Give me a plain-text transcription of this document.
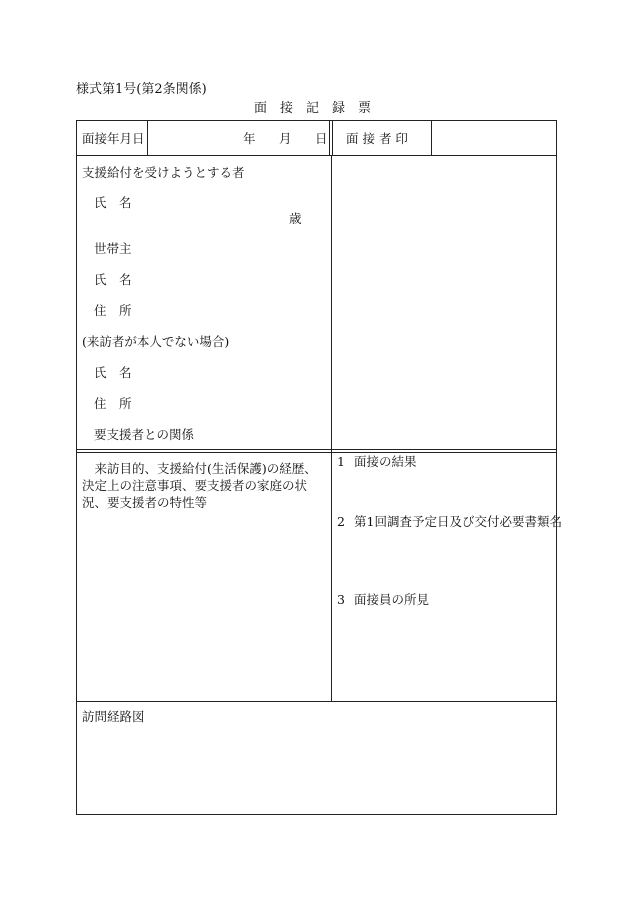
様式第1号(第2条関係)
面　接　記　録　票
面接年月日	年 月 日 面 接 者 印
支援給付を受けようとする者
氏　名
歳
世帯主
氏　名
住　所
(来訪者が本人でない場合)
氏　名
住　所
要支援者との関係
来訪目的、支援給付(生活保護)の経歴、決定上の注意事項、要支援者の家庭の状況、要支援者の特性等
1 面接の結果
2 第1回調査予定日及び交付必要書類名
3 面接員の所見
訪問経路図
